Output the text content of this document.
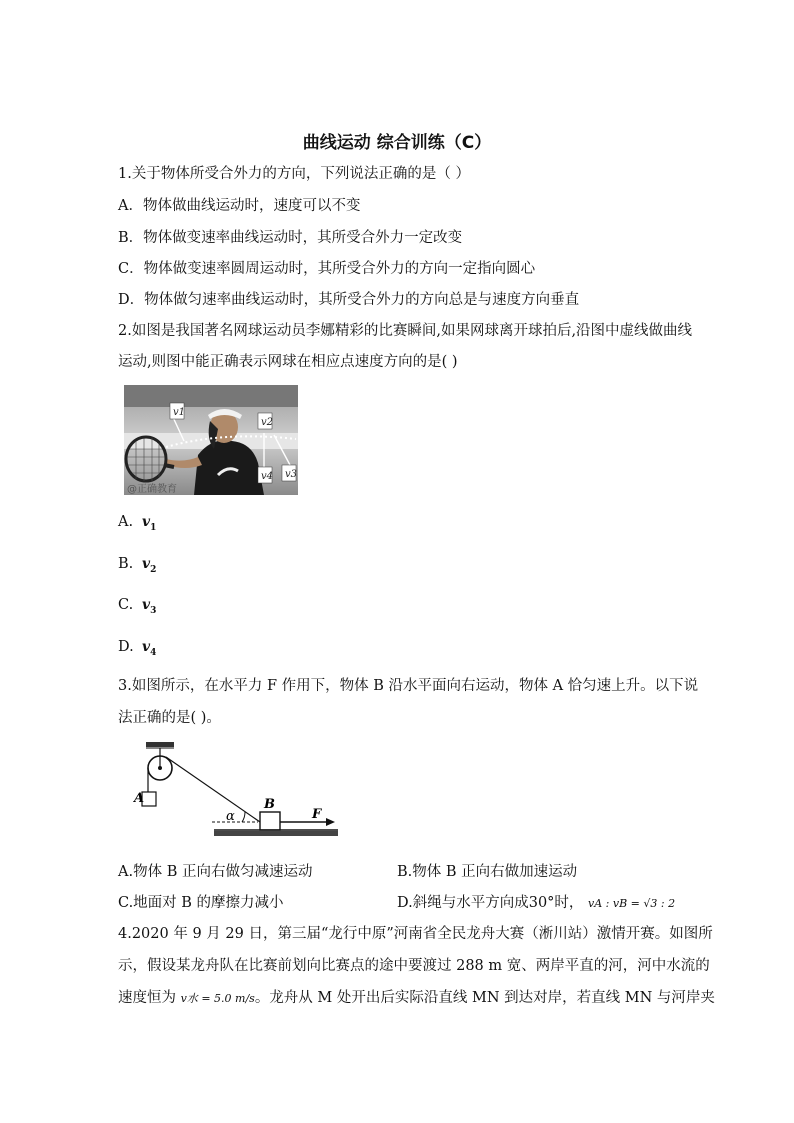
曲线运动 综合训练（C）
1.关于物体所受合外力的方向，下列说法正确的是（ ）
A．物体做曲线运动时，速度可以不变
B．物体做变速率曲线运动时，其所受合外力一定改变
C．物体做变速率圆周运动时，其所受合外力的方向一定指向圆心
D．物体做匀速率曲线运动时，其所受合外力的方向总是与速度方向垂直
2.如图是我国著名网球运动员李娜精彩的比赛瞬间,如果网球离开球拍后,沿图中虚线做曲线
运动,则图中能正确表示网球在相应点速度方向的是( )
v1
v2
v4 v3
@正确教育
A. $v_1$
B. $v_2$
C. $v_3$
D. $v_4$
3.如图所示，在水平力 F 作用下，物体 B 沿水平面向右运动，物体 A 恰匀速上升。以下说
法正确的是( )。
A
α
B
F
A.物体 B 正向右做匀减速运动	B.物体 B 正向右做加速运动
C.地面对 B 的摩擦力减小	D.斜绳与水平方向成30°时， vA : vB = √3 : 2
4.2020 年 9 月 29 日，第三届“龙行中原”河南省全民龙舟大赛（淅川站）激情开赛。如图所
示，假设某龙舟队在比赛前划向比赛点的途中要渡过 288 m 宽、两岸平直的河，河中水流的
速度恒为 v水 = 5.0 m/s。龙舟从 M 处开出后实际沿直线 MN 到达对岸，若直线 MN 与河岸夹
